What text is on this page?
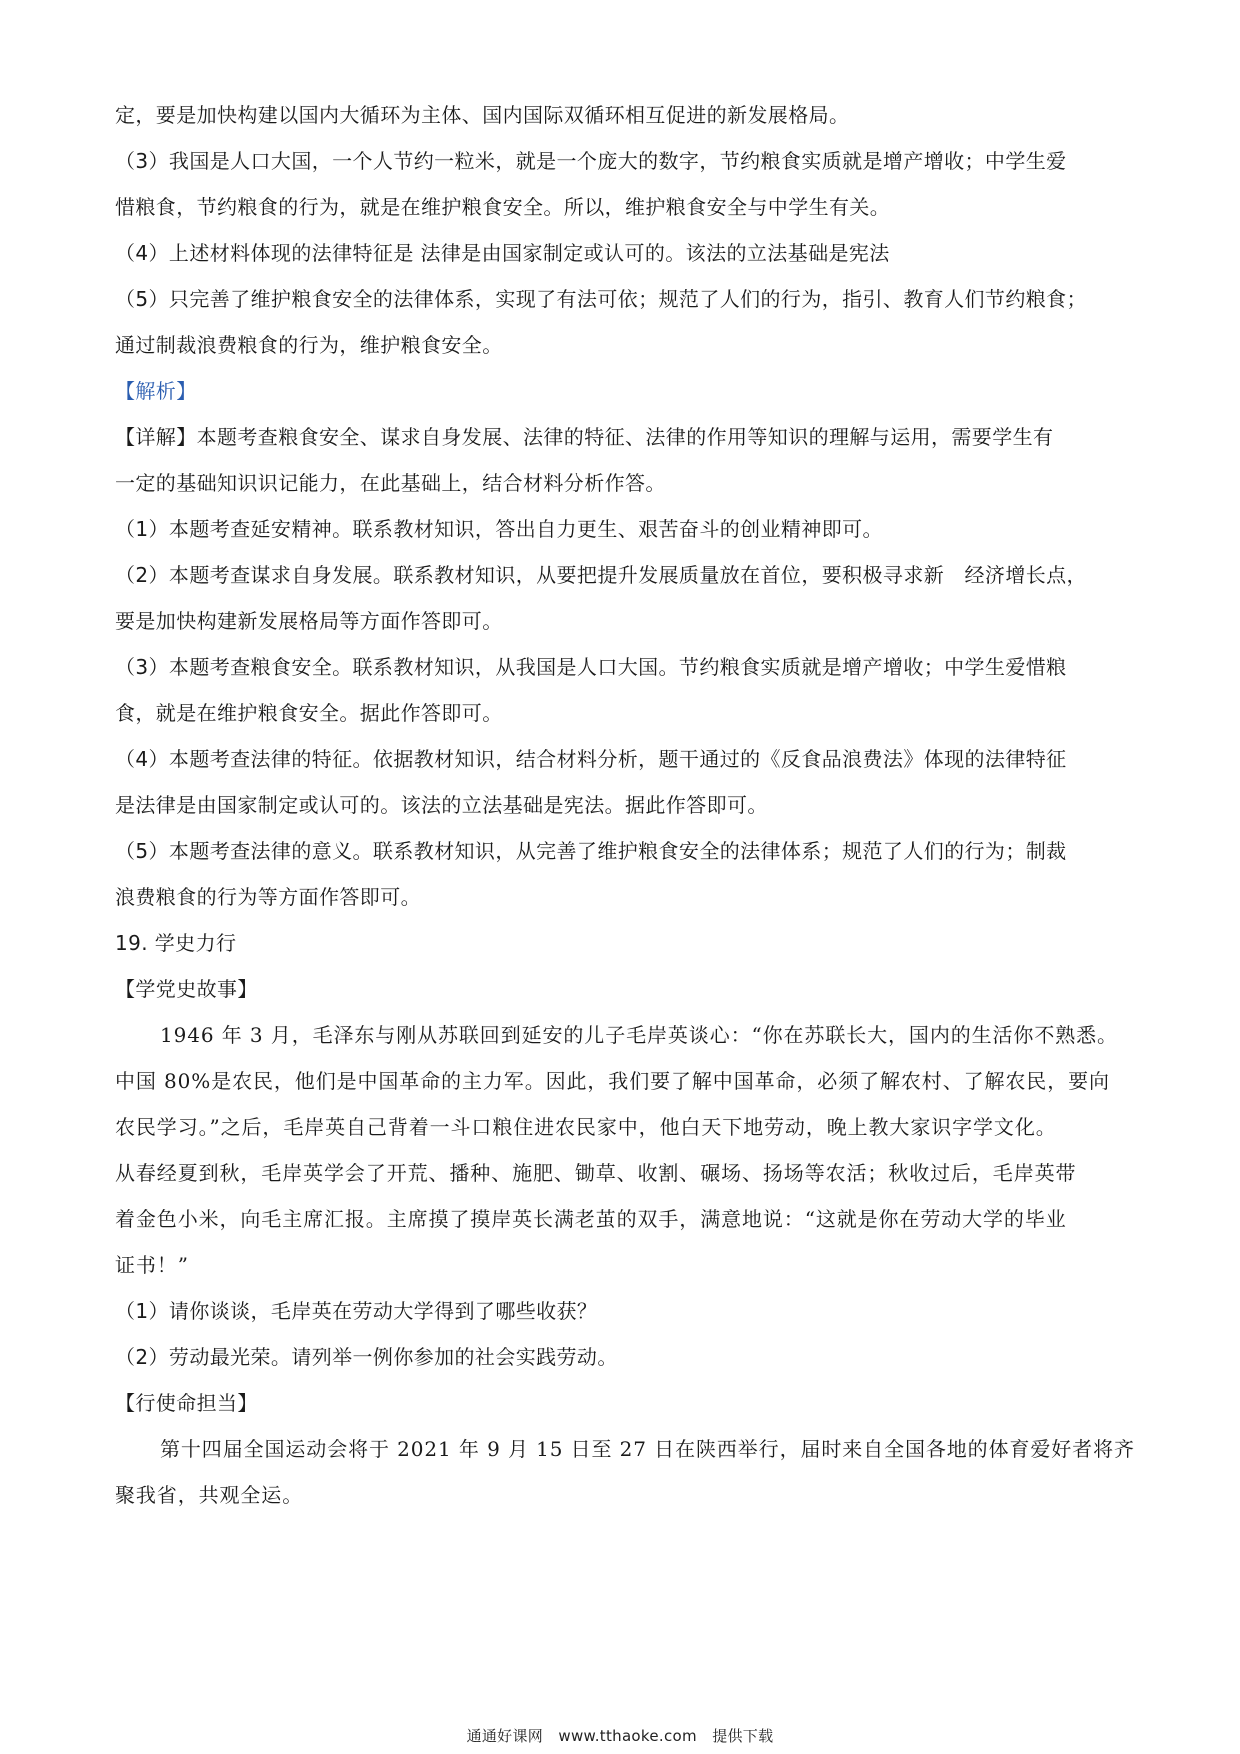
定，要是加快构建以国内大循环为主体、国内国际双循环相互促进的新发展格局。
（3）我国是人口大国，一个人节约一粒米，就是一个庞大的数字，节约粮食实质就是增产增收；中学生爱
惜粮食，节约粮食的行为，就是在维护粮食安全。所以，维护粮食安全与中学生有关。
（4）上述材料体现的法律特征是 法律是由国家制定或认可的。该法的立法基础是宪法
（5）只完善了维护粮食安全的法律体系，实现了有法可依；规范了人们的行为，指引、教育人们节约粮食；
通过制裁浪费粮食的行为，维护粮食安全。
【解析】
【详解】本题考查粮食安全、谋求自身发展、法律的特征、法律的作用等知识的理解与运用，需要学生有
一定的基础知识识记能力，在此基础上，结合材料分析作答。
（1）本题考查延安精神。联系教材知识，答出自力更生、艰苦奋斗的创业精神即可。
（2）本题考查谋求自身发展。联系教材知识，从要把提升发展质量放在首位，要积极寻求新　经济增长点，
要是加快构建新发展格局等方面作答即可。
（3）本题考查粮食安全。联系教材知识，从我国是人口大国。节约粮食实质就是增产增收；中学生爱惜粮
食，就是在维护粮食安全。据此作答即可。
（4）本题考查法律的特征。依据教材知识，结合材料分析，题干通过的《反食品浪费法》体现的法律特征
是法律是由国家制定或认可的。该法的立法基础是宪法。据此作答即可。
（5）本题考查法律的意义。联系教材知识，从完善了维护粮食安全的法律体系；规范了人们的行为；制裁
浪费粮食的行为等方面作答即可。
19. 学史力行
【学党史故事】
1946 年 3 月，毛泽东与刚从苏联回到延安的儿子毛岸英谈心：“你在苏联长大，国内的生活你不熟悉。
中国 80%是农民，他们是中国革命的主力军。因此，我们要了解中国革命，必须了解农村、了解农民，要向
农民学习。”之后，毛岸英自己背着一斗口粮住进农民家中，他白天下地劳动，晚上教大家识字学文化。
从春经夏到秋，毛岸英学会了开荒、播种、施肥、锄草、收割、碾场、扬场等农活；秋收过后，毛岸英带
着金色小米，向毛主席汇报。主席摸了摸岸英长满老茧的双手，满意地说：“这就是你在劳动大学的毕业
证书！”
（1）请你谈谈，毛岸英在劳动大学得到了哪些收获？
（2）劳动最光荣。请列举一例你参加的社会实践劳动。
【行使命担当】
第十四届全国运动会将于 2021 年 9 月 15 日至 27 日在陕西举行，届时来自全国各地的体育爱好者将齐
聚我省，共观全运。
通通好课网　www.tthaoke.com　提供下载
